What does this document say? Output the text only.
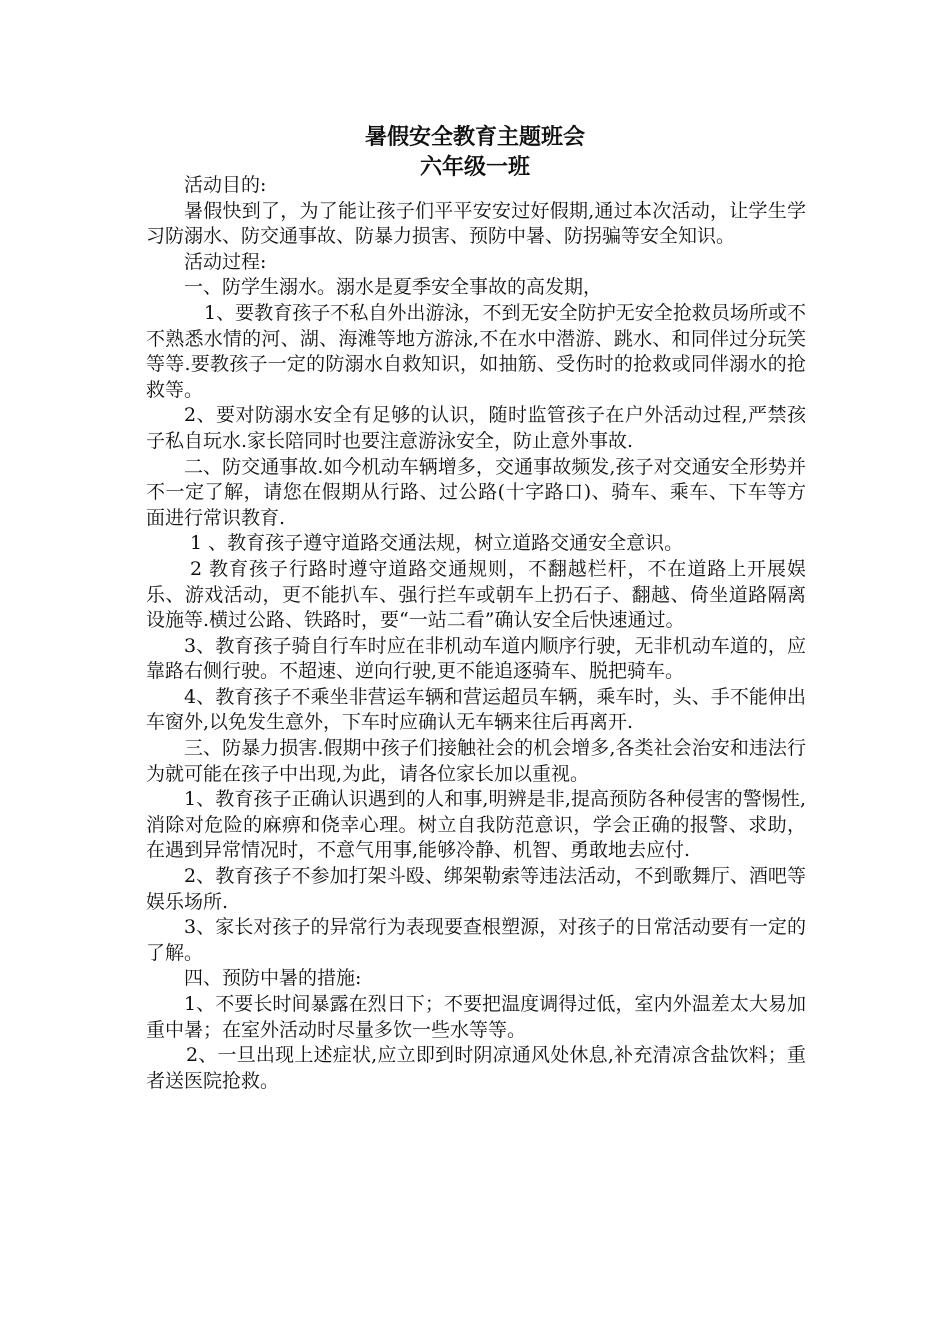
暑假安全教育主题班会
六年级一班

活动目的:

暑假快到了，为了能让孩子们平平安安过好假期,通过本次活动，让学生学习防溺水、防交通事故、防暴力损害、预防中暑、防拐骗等安全知识。

活动过程:

一、防学生溺水。溺水是夏季安全事故的高发期，

1、要教育孩子不私自外出游泳，不到无安全防护无安全抢救员场所或不不熟悉水情的河、湖、海滩等地方游泳,不在水中潜游、跳水、和同伴过分玩笑等等.要教孩子一定的防溺水自救知识，如抽筋、受伤时的抢救或同伴溺水的抢救等。

2、要对防溺水安全有足够的认识，随时监管孩子在户外活动过程,严禁孩子私自玩水.家长陪同时也要注意游泳安全，防止意外事故.

二、防交通事故.如今机动车辆增多，交通事故频发,孩子对交通安全形势并不一定了解，请您在假期从行路、过公路(十字路口)、骑车、乘车、下车等方面进行常识教育.

1 、教育孩子遵守道路交通法规，树立道路交通安全意识。

2 教育孩子行路时遵守道路交通规则，不翻越栏杆，不在道路上开展娱乐、游戏活动，更不能扒车、强行拦车或朝车上扔石子、翻越、倚坐道路隔离设施等.横过公路、铁路时，要“一站二看”确认安全后快速通过。

3、教育孩子骑自行车时应在非机动车道内顺序行驶，无非机动车道的，应靠路右侧行驶。不超速、逆向行驶,更不能追逐骑车、脱把骑车。

4、教育孩子不乘坐非营运车辆和营运超员车辆，乘车时，头、手不能伸出车窗外,以免发生意外，下车时应确认无车辆来往后再离开.

三、防暴力损害.假期中孩子们接触社会的机会增多,各类社会治安和违法行为就可能在孩子中出现,为此，请各位家长加以重视。

1、教育孩子正确认识遇到的人和事,明辨是非,提高预防各种侵害的警惕性,消除对危险的麻痹和侥幸心理。树立自我防范意识，学会正确的报警、求助，在遇到异常情况时，不意气用事,能够冷静、机智、勇敢地去应付.

2、教育孩子不参加打架斗殴、绑架勒索等违法活动，不到歌舞厅、酒吧等娱乐场所.

3、家长对孩子的异常行为表现要查根塑源，对孩子的日常活动要有一定的了解。

四、预防中暑的措施:

1、不要长时间暴露在烈日下；不要把温度调得过低，室内外温差太大易加重中暑；在室外活动时尽量多饮一些水等等。

2、一旦出现上述症状,应立即到时阴凉通风处休息,补充清凉含盐饮料；重者送医院抢救。
